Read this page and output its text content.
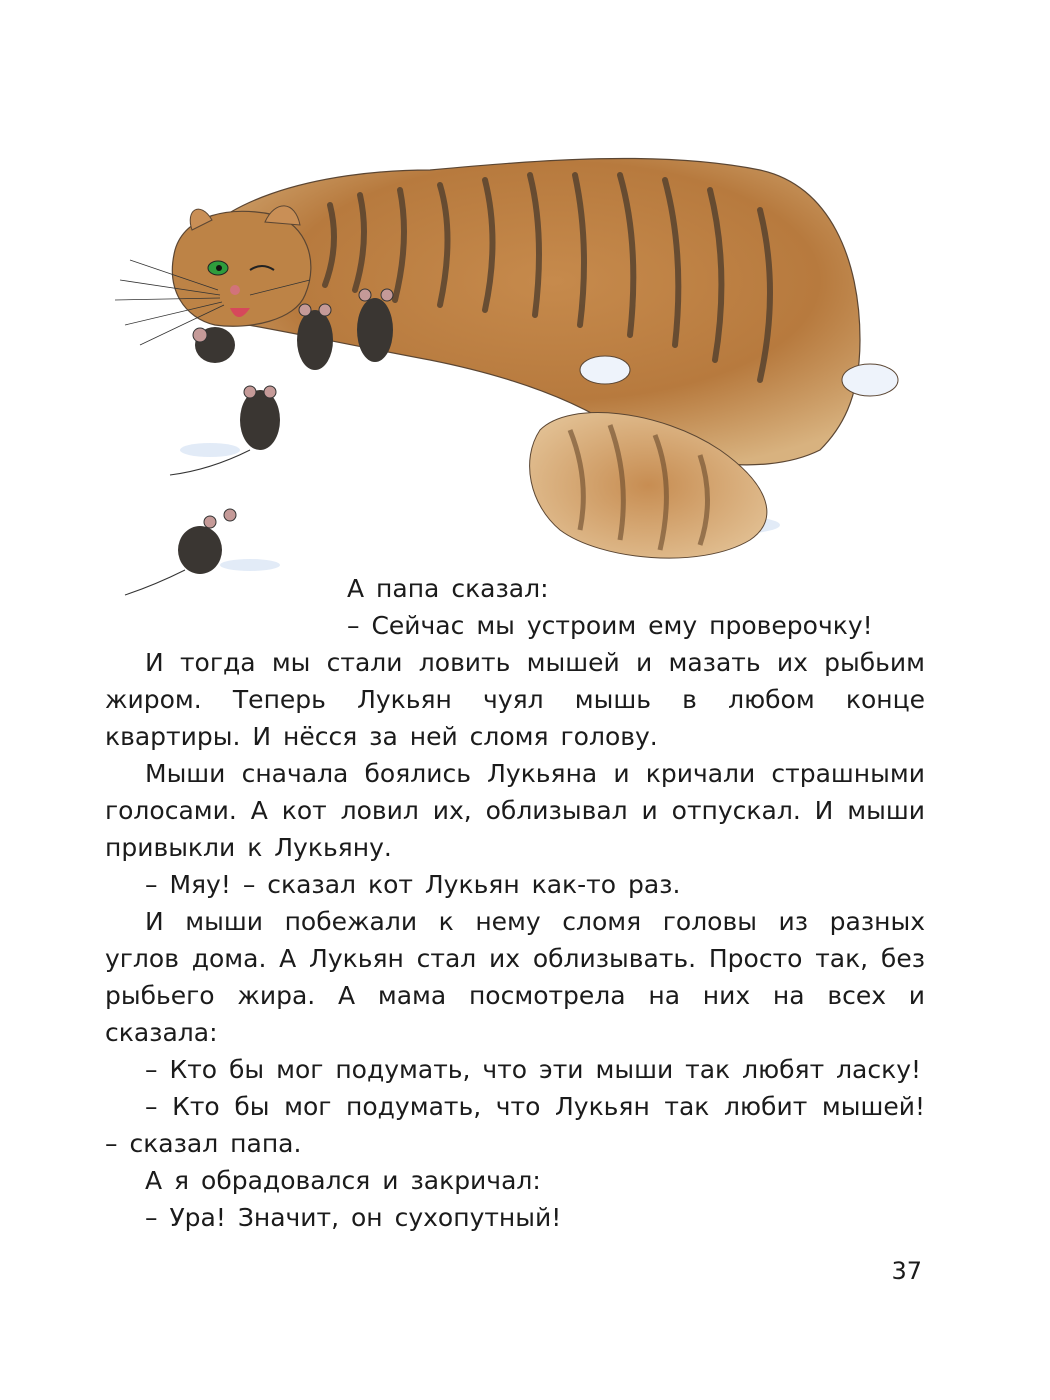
А папа сказал:

– Сейчас мы устроим ему проверочку!

И тогда мы стали ловить мышей и мазать их рыбьим жиром. Теперь Лукьян чуял мышь в любом конце квартиры. И нёсся за ней сломя голову.

Мыши сначала боялись Лукьяна и кричали страшными голосами. А кот ловил их, облизывал и отпускал. И мыши привыкли к Лукьяну.

– Мяу! – сказал кот Лукьян как-то раз.

И мыши побежали к нему сломя головы из разных углов дома. А Лукьян стал их облизывать. Просто так, без рыбьего жира. А мама посмотрела на них на всех и сказала:

– Кто бы мог подумать, что эти мыши так любят ласку!

– Кто бы мог подумать, что Лукьян так любит мышей! – сказал папа.

А я обрадовался и закричал:

– Ура! Значит, он сухопутный!

37
